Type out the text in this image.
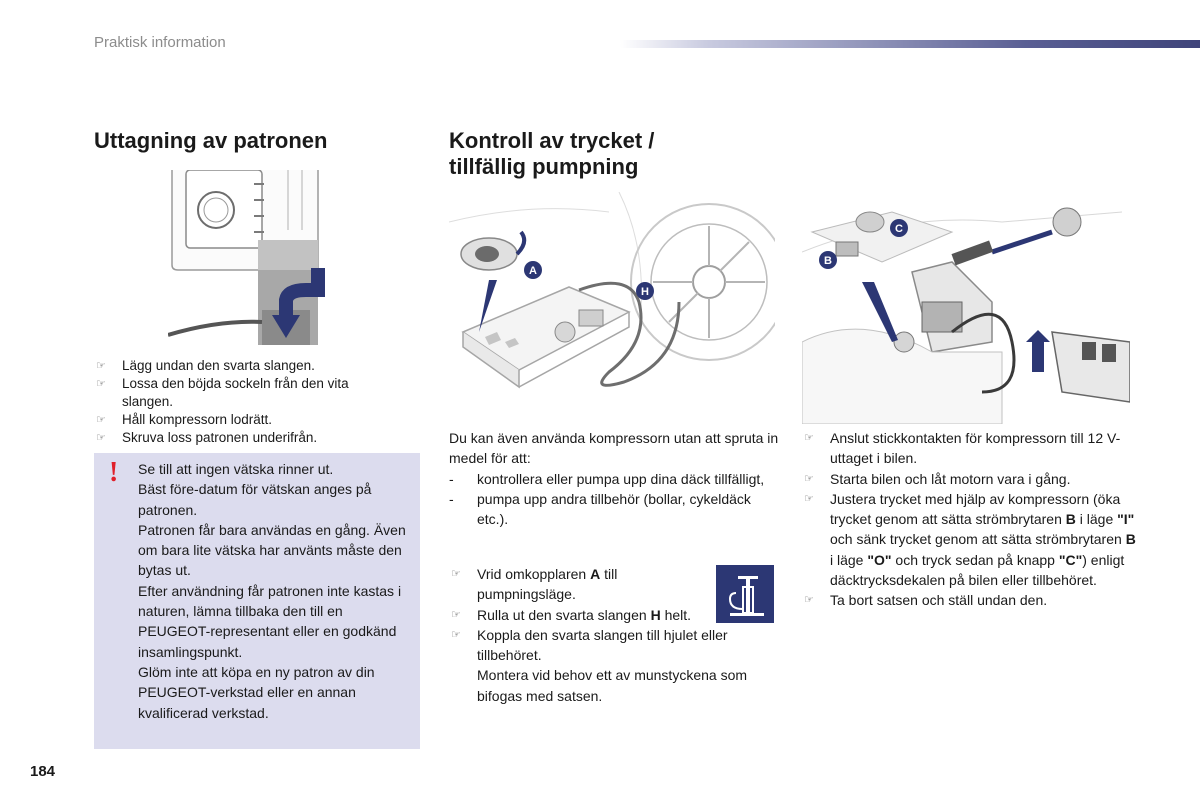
Praktisk information
Uttagning av patronen	Kontroll av trycket /
tillfällig pumpning
☞ Lägg undan den svarta slangen.
☞ Lossa den böjda sockeln från den vita slangen.
☞ Håll kompressorn lodrätt.
☞ Skruva loss patronen underifrån.
! Se till att ingen vätska rinner ut.

Bäst före-datum för vätskan anges på patronen.

Patronen får bara användas en gång. Även om bara lite vätska har använts måste den bytas ut.

Efter användning får patronen inte kastas i naturen, lämna tillbaka den till en PEUGEOT-representant eller en godkänd insamlingspunkt.

Glöm inte att köpa en ny patron av din PEUGEOT-verkstad eller en annan kvalificerad verkstad.

A
H

Du kan även använda kompressorn utan att spruta in medel för att:

- kontrollera eller pumpa upp dina däck tillfälligt,
- pumpa upp andra tillbehör (bollar, cykeldäck etc.).
☞ Vrid omkopplaren A till pumpningsläge.
☞ Rulla ut den svarta slangen H helt.
☞ Koppla den svarta slangen till hjulet eller tillbehöret.
Montera vid behov ett av munstyckena som bifogas med satsen.
B
C
☞ Anslut stickkontakten för kompressorn till 12 V-uttaget i bilen.
☞ Starta bilen och låt motorn vara i gång.
☞ Justera trycket med hjälp av kompressorn (öka trycket genom att sätta strömbrytaren B i läge "I" och sänk trycket genom att sätta strömbrytaren B i läge "O" och tryck sedan på knapp "C") enligt däcktrycksdekalen på bilen eller tillbehöret.
☞ Ta bort satsen och ställ undan den.
184
